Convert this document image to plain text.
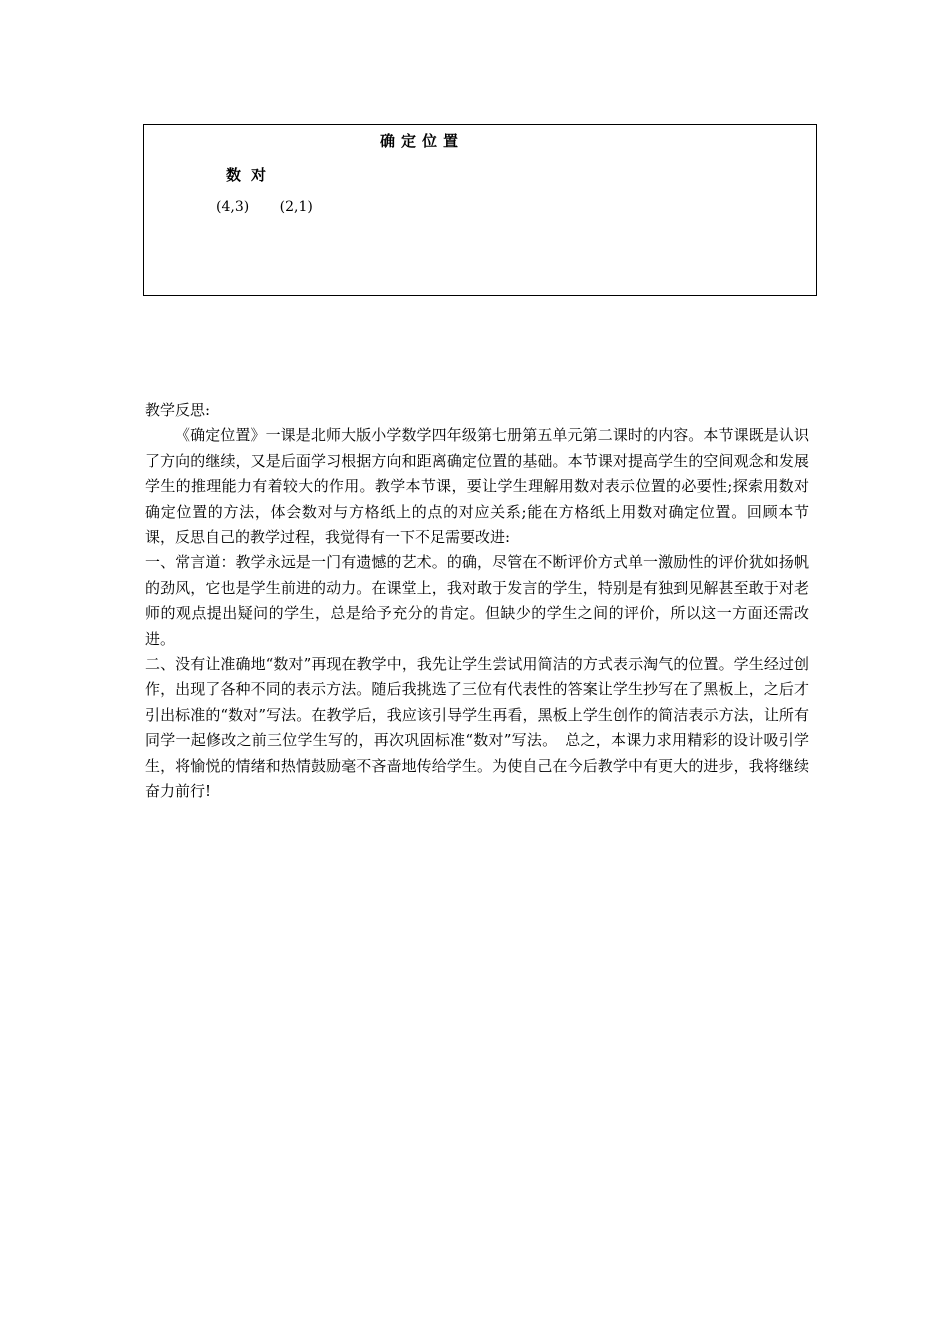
确定位置
数对
(4,3) (2,1)

教学反思:

《确定位置》一课是北师大版小学数学四年级第七册第五单元第二课时的内容。本节课既是认识了方向的继续，又是后面学习根据方向和距离确定位置的基础。本节课对提高学生的空间观念和发展学生的推理能力有着较大的作用。教学本节课，要让学生理解用数对表示位置的必要性;探索用数对确定位置的方法，体会数对与方格纸上的点的对应关系;能在方格纸上用数对确定位置。回顾本节课，反思自己的教学过程，我觉得有一下不足需要改进:

一、常言道：教学永远是一门有遗憾的艺术。的确，尽管在不断评价方式单一激励性的评价犹如扬帆的劲风，它也是学生前进的动力。在课堂上，我对敢于发言的学生，特别是有独到见解甚至敢于对老师的观点提出疑问的学生，总是给予充分的肯定。但缺少的学生之间的评价，所以这一方面还需改进。

二、没有让准确地“数对”再现在教学中，我先让学生尝试用简洁的方式表示淘气的位置。学生经过创作，出现了各种不同的表示方法。随后我挑选了三位有代表性的答案让学生抄写在了黑板上，之后才引出标准的“数对”写法。在教学后，我应该引导学生再看，黑板上学生创作的简洁表示方法，让所有同学一起修改之前三位学生写的，再次巩固标准“数对”写法。　总之，本课力求用精彩的设计吸引学生，将愉悦的情绪和热情鼓励毫不吝啬地传给学生。为使自己在今后教学中有更大的进步，我将继续奋力前行!
